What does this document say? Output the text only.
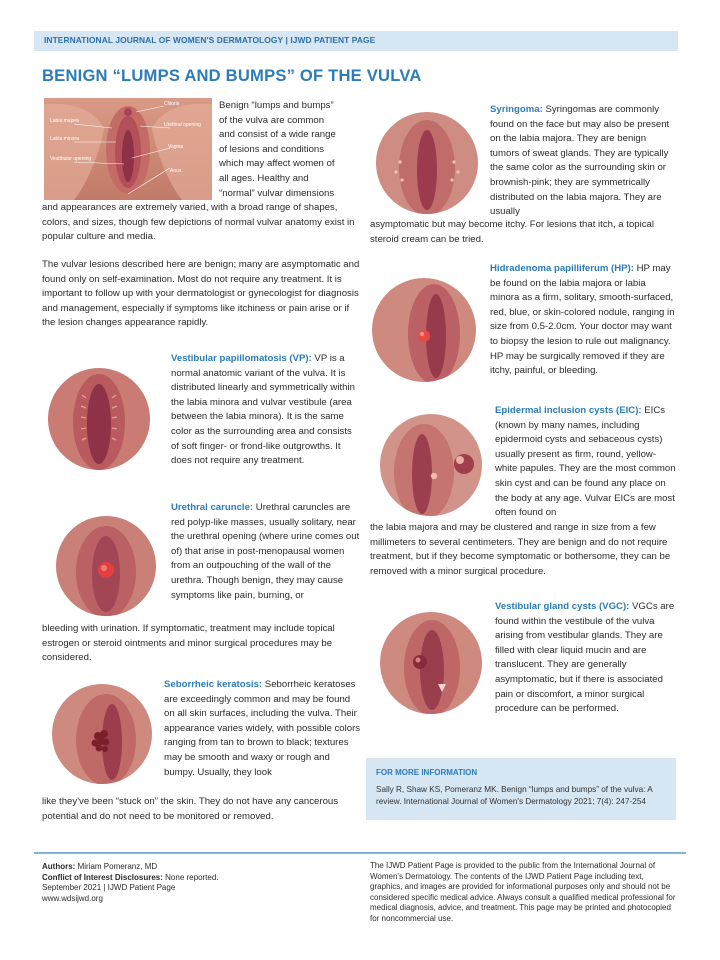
INTERNATIONAL JOURNAL OF WOMEN'S DERMATOLOGY | IJWD PATIENT PAGE
BENIGN “LUMPS AND BUMPS” OF THE VULVA
Clitoris
Labia majora
Urethral opening
Labia minora
Vagina
Vestibular opening
Anus
Benign “lumps and bumps”
of the vulva are common
and consist of a wide range
of lesions and conditions
which may affect women of
all ages. Healthy and
“normal” vulvar dimensions

and appearances are extremely varied, with a broad range of shapes, colors, and sizes, though few depictions of normal vulvar anatomy exist in popular culture and media.

The vulvar lesions described here are benign; many are asymptomatic and found only on self-examination. Most do not require any treatment. It is important to follow up with your dermatologist or gynecologist for diagnosis and management, especially if symptoms like itchiness or pain arise or if the lesion changes appearance rapidly.

Vestibular papillomatosis (VP): VP is a normal anatomic variant of the vulva. It is distributed linearly and symmetrically within the labia minora and vulvar vestibule (area between the labia minora). It is the same color as the surrounding area and consists of soft finger- or frond-like outgrowths. It does not require any treatment.

Urethral caruncle: Urethral caruncles are red polyp-like masses, usually solitary, near the urethral opening (where urine comes out of) that arise in post-menopausal women from an outpouching of the wall of the urethra. Though benign, they may cause symptoms like pain, burning, or

bleeding with urination. If symptomatic, treatment may include topical estrogen or steroid ointments and minor surgical procedures may be considered.

Seborrheic keratosis: Seborrheic keratoses are exceedingly common and may be found on all skin surfaces, including the vulva. Their appearance varies widely, with possible colors ranging from tan to brown to black; textures may be smooth and waxy or rough and bumpy. Usually, they look

like they've been “stuck on” the skin. They do not have any cancerous potential and do not need to be monitored or removed.

Syringoma: Syringomas are commonly found on the face but may also be present on the labia majora. They are benign tumors of sweat glands. They are typically the same color as the surrounding skin or brownish-pink; they are symmetrically distributed on the labia majora. They are usually

asymptomatic but may become itchy. For lesions that itch, a topical steroid cream can be tried.

Hidradenoma papilliferum (HP): HP may be found on the labia majora or labia minora as a firm, solitary, smooth-surfaced, red, blue, or skin-colored nodule, ranging in size from 0.5-2.0cm. Your doctor may want to biopsy the lesion to rule out malignancy. HP may be surgically removed if they are itchy, painful, or bleeding.

Epidermal inclusion cysts (EIC): EICs (known by many names, including epidermoid cysts and sebaceous cysts) usually present as firm, round, yellow-white papules. They are the most common skin cyst and can be found any place on the body at any age. Vulvar EICs are most often found on

the labia majora and may be clustered and range in size from a few millimeters to several centimeters. They are benign and do not require treatment, but if they become symptomatic or bothersome, they can be removed with a minor surgical procedure.

Vestibular gland cysts (VGC): VGCs are found within the vestibule of the vulva arising from vestibular glands. They are filled with clear liquid mucin and are translucent. They are generally asymptomatic, but if there is associated pain or discomfort, a minor surgical procedure can be performed.

FOR MORE INFORMATION
Sally R, Shaw KS, Pomeranz MK. Benign “lumps and bumps” of the vulva: A review. International Journal of Women's Dermatology 2021; 7(4): 247-254
Authors: Miriam Pomeranz, MD
Conflict of Interest Disclosures: None reported.
September 2021 | IJWD Patient Page
www.wdsijwd.org

The IJWD Patient Page is provided to the public from the International Journal of Women's Dermatology. The contents of the IJWD Patient Page including text, graphics, and images are provided for informational purposes only and should not be considered specific medical advice. Always consult a qualified medical professional for medical diagnosis, advice, and treatment. This page may be printed and photocopied for noncommercial use.
